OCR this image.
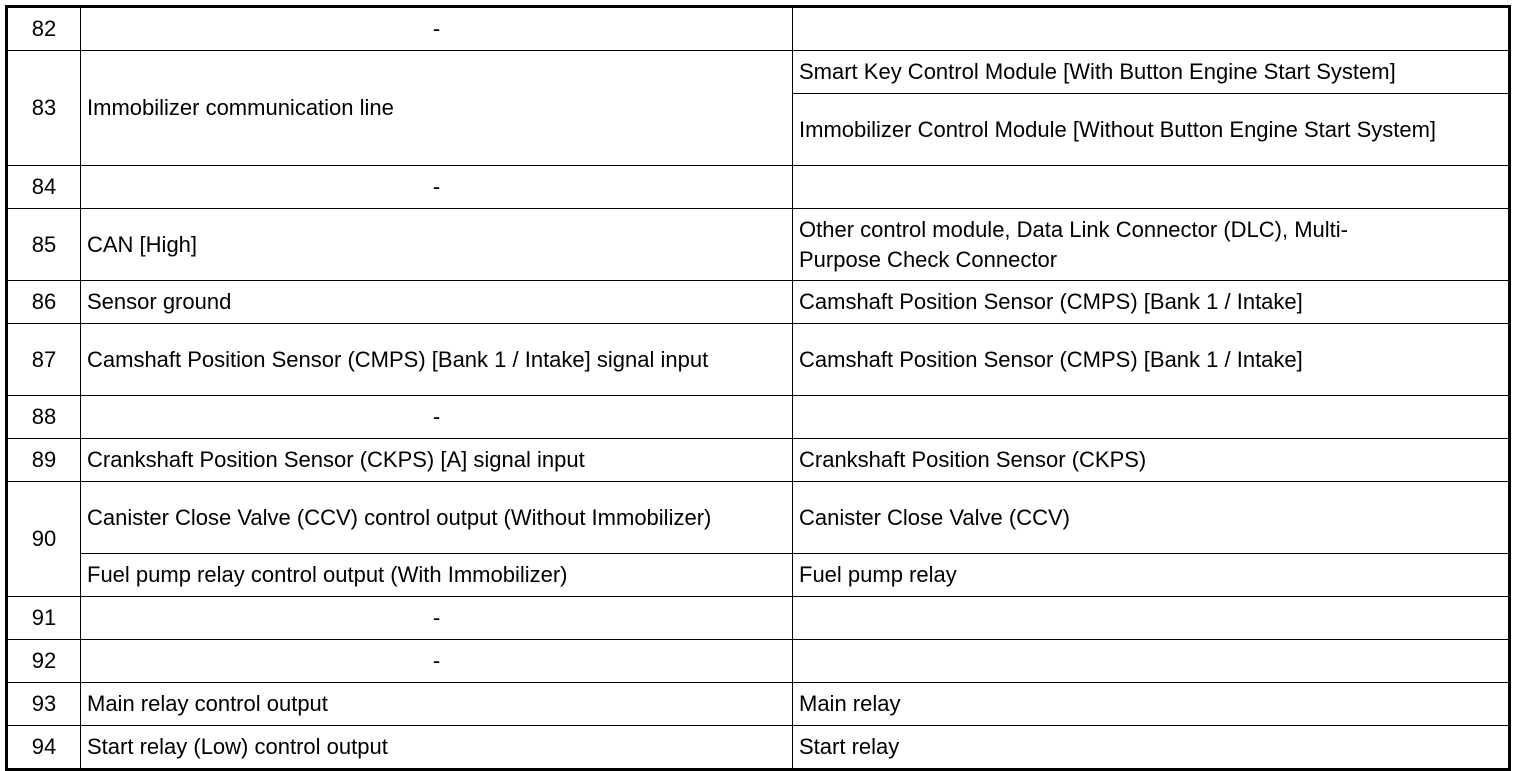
82	-	
83	Immobilizer communication line	Smart Key Control Module [With Button Engine Start System]
		Immobilizer Control Module [Without Button Engine Start System]
84	-	
85	CAN [High]	Other control module, Data Link Connector (DLC), Multi-Purpose Check Connector
86	Sensor ground	Camshaft Position Sensor (CMPS) [Bank 1 / Intake]
87	Camshaft Position Sensor (CMPS) [Bank 1 / Intake] signal input	Camshaft Position Sensor (CMPS) [Bank 1 / Intake]
88	-	
89	Crankshaft Position Sensor (CKPS) [A] signal input	Crankshaft Position Sensor (CKPS)
90	Canister Close Valve (CCV) control output (Without Immobilizer)	Canister Close Valve (CCV)
	Fuel pump relay control output (With Immobilizer)	Fuel pump relay
91	-	
92	-	
93	Main relay control output	Main relay
94	Start relay (Low) control output	Start relay
